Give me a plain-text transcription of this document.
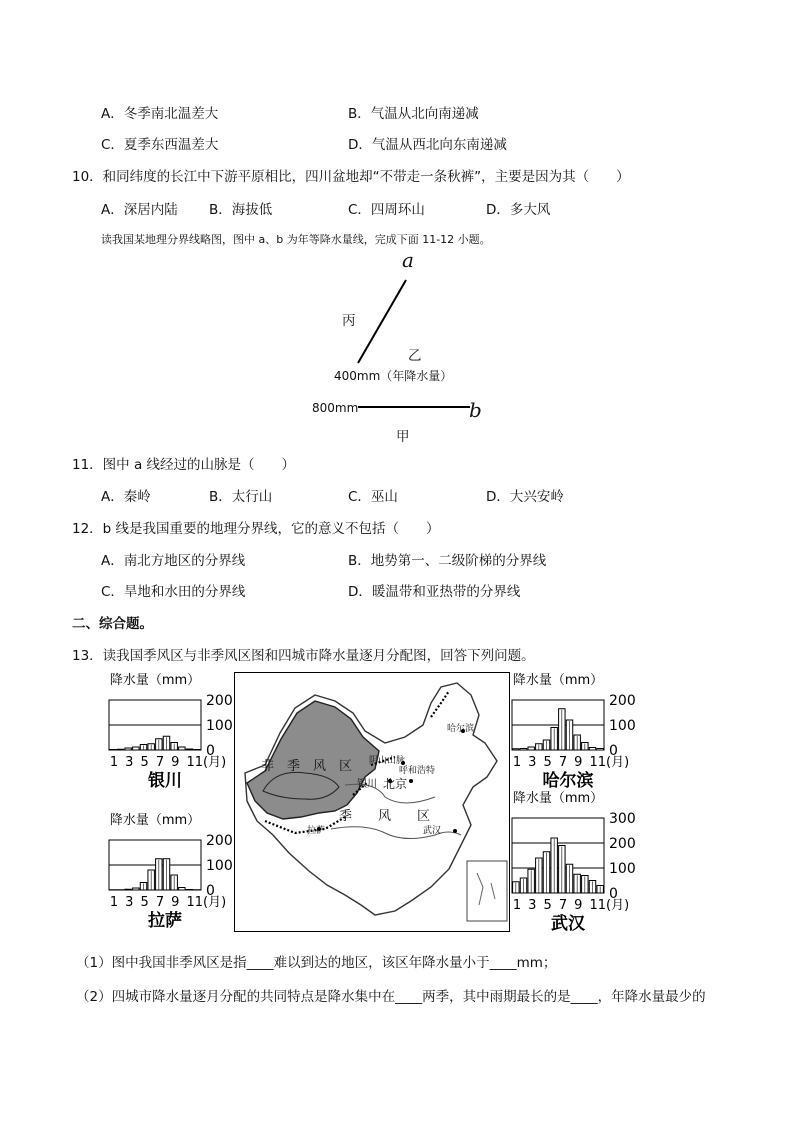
A．冬季南北温差大	B．气温从北向南递减
C．夏季东西温差大	D．气温从西北向东南递减
10．和同纬度的长江中下游平原相比，四川盆地却“不带走一条秋裤”，主要是因为其（　　）
A．深居内陆 B．海拔低	C．四周环山	D．多大风
读我国某地理分界线略图，图中 a、b 为年等降水量线，完成下面 11-12 小题。
a
b
丙
乙
400mm（年降水量）
800mm
甲
11．图中 a 线经过的山脉是（　　）
A．秦岭	B．太行山	C．巫山	D．大兴安岭
12．b 线是我国重要的地理分界线，它的意义不包括（　　）
A．南北方地区的分界线	B．地势第一、二级阶梯的分界线
C．旱地和水田的分界线	D．暖温带和亚热带的分界线
二、综合题。
13．读我国季风区与非季风区图和四城市降水量逐月分配图，回答下列问题。
降水量（mm）
200
100
0
1 3 5 7 9 11(月)
银川
降水量（mm）
200
100
0
1 3 5 7 9 11(月)
拉萨
降水量（mm）
200
100
0
1 3 5 7 9 11(月)
哈尔滨
降水量（mm）
300
200
100
0
1 3 5 7 9 11(月)
武汉
非　季　风　区
季　　风　　区
阴山山脉
呼和浩特
银川 北京
拉萨	武汉
哈尔滨
（1）图中我国非季风区是指____难以到达的地区，该区年降水量小于____mm；
（2）四城市降水量逐月分配的共同特点是降水集中在____两季，其中雨期最长的是____，年降水量最少的
